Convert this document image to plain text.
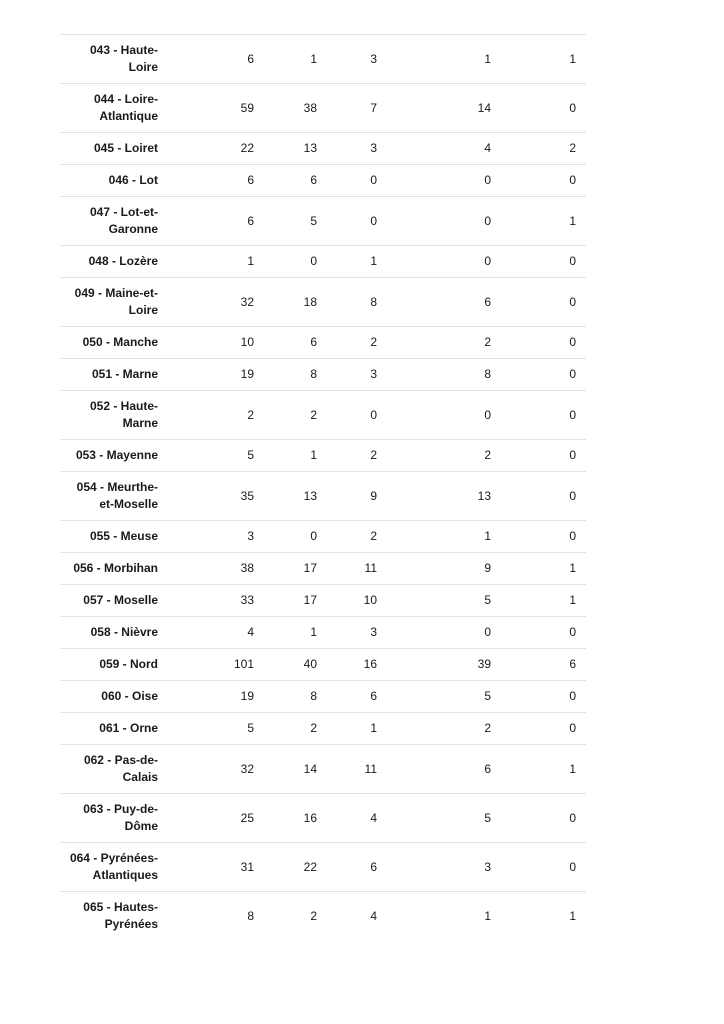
043 - Haute-Loire	6	1	3	1	1
044 - Loire-Atlantique	59	38	7	14	0
045 - Loiret	22	13	3	4	2
046 - Lot	6	6	0	0	0
047 - Lot-et-Garonne	6	5	0	0	1
048 - Lozère	1	0	1	0	0
049 - Maine-et-Loire	32	18	8	6	0
050 - Manche	10	6	2	2	0
051 - Marne	19	8	3	8	0
052 - Haute-Marne	2	2	0	0	0
053 - Mayenne	5	1	2	2	0
054 - Meurthe-et-Moselle	35	13	9	13	0
055 - Meuse	3	0	2	1	0
056 - Morbihan	38	17	11	9	1
057 - Moselle	33	17	10	5	1
058 - Nièvre	4	1	3	0	0
059 - Nord	101	40	16	39	6
060 - Oise	19	8	6	5	0
061 - Orne	5	2	1	2	0
062 - Pas-de-Calais	32	14	11	6	1
063 - Puy-de-Dôme	25	16	4	5	0
064 - Pyrénées-Atlantiques	31	22	6	3	0
065 - Hautes-Pyrénées	8	2	4	1	1
